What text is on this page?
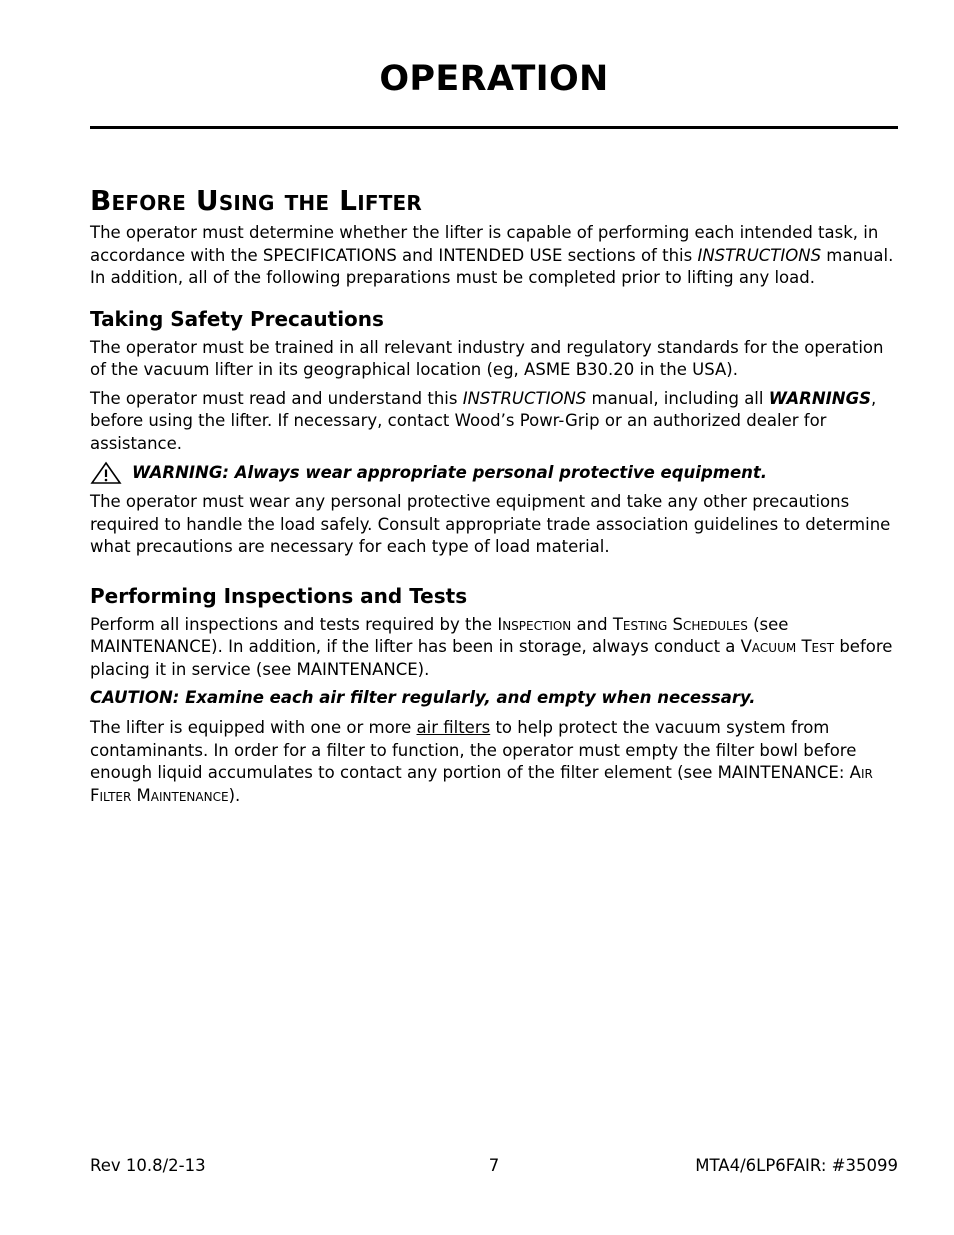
OPERATION
Before Using the Lifter

The operator must determine whether the lifter is capable of performing each intended task, in accordance with the SPECIFICATIONS and INTENDED USE sections of this INSTRUCTIONS manual. In addition, all of the following preparations must be completed prior to lifting any load.

Taking Safety Precautions

The operator must be trained in all relevant industry and regulatory standards for the operation of the vacuum lifter in its geographical location (eg, ASME B30.20 in the USA).

The operator must read and understand this INSTRUCTIONS manual, including all WARNINGS, before using the lifter. If necessary, contact Wood’s Powr-Grip or an authorized dealer for assistance.

WARNING: Always wear appropriate personal protective equipment.

The operator must wear any personal protective equipment and take any other precautions required to handle the load safely. Consult appropriate trade association guidelines to determine what precautions are necessary for each type of load material.

Performing Inspections and Tests

Perform all inspections and tests required by the Inspection and Testing Schedules (see MAINTENANCE). In addition, if the lifter has been in storage, always conduct a Vacuum Test before placing it in service (see MAINTENANCE).

CAUTION: Examine each air filter regularly, and empty when necessary.

The lifter is equipped with one or more air filters to help protect the vacuum system from contaminants. In order for a filter to function, the operator must empty the filter bowl before enough liquid accumulates to contact any portion of the filter element (see MAINTENANCE: Air Filter Maintenance).

Rev 10.8/2-13	7	MTA4/6LP6FAIR: #35099
